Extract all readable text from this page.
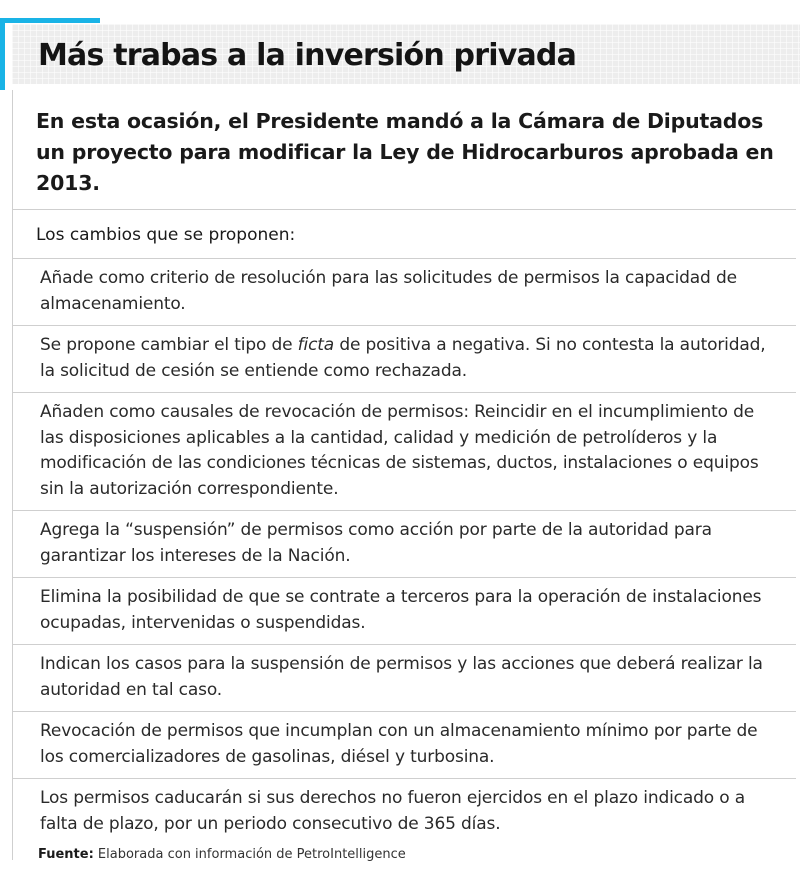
Más trabas a la inversión privada
En esta ocasión, el Presidente mandó a la Cámara de Diputados un proyecto para modificar la Ley de Hidrocarburos aprobada en 2013.
Los cambios que se proponen:
Añade como criterio de resolución para las solicitudes de permisos la capacidad de almacenamiento.
Se propone cambiar el tipo de ficta de positiva a negativa. Si no contesta la autoridad, la solicitud de cesión se entiende como rechazada.
Añaden como causales de revocación de permisos: Reincidir en el incumplimiento de las disposiciones aplicables a la cantidad, calidad y medición de petrolíderos y la modificación de las condiciones técnicas de sistemas, ductos, instalaciones o equipos sin la autorización correspondiente.
Agrega la “suspensión” de permisos como acción por parte de la autoridad para garantizar los intereses de la Nación.
Elimina la posibilidad de que se contrate a terceros para la operación de instalaciones ocupadas, intervenidas o suspendidas.
Indican los casos para la suspensión de permisos y las acciones que deberá realizar la autoridad en tal caso.
Revocación de permisos que incumplan con un almacenamiento mínimo por parte de los comercializadores de gasolinas, diésel y turbosina.
Los permisos caducarán si sus derechos no fueron ejercidos en el plazo indicado o a falta de plazo, por un periodo consecutivo de 365 días.
Fuente: Elaborada con información de PetroIntelligence
